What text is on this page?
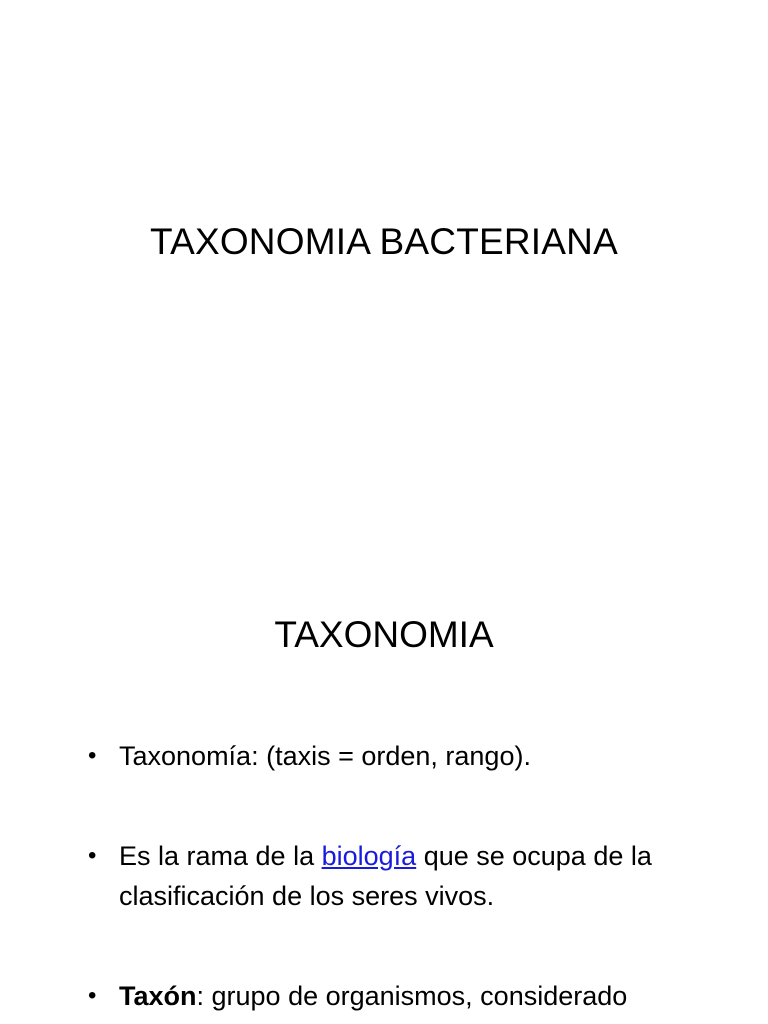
TAXONOMIA BACTERIANA
TAXONOMIA
• Taxonomía: (taxis = orden, rango).
• Es la rama de la biología que se ocupa de la clasificación de los seres vivos.
• Taxón: grupo de organismos, considerado
